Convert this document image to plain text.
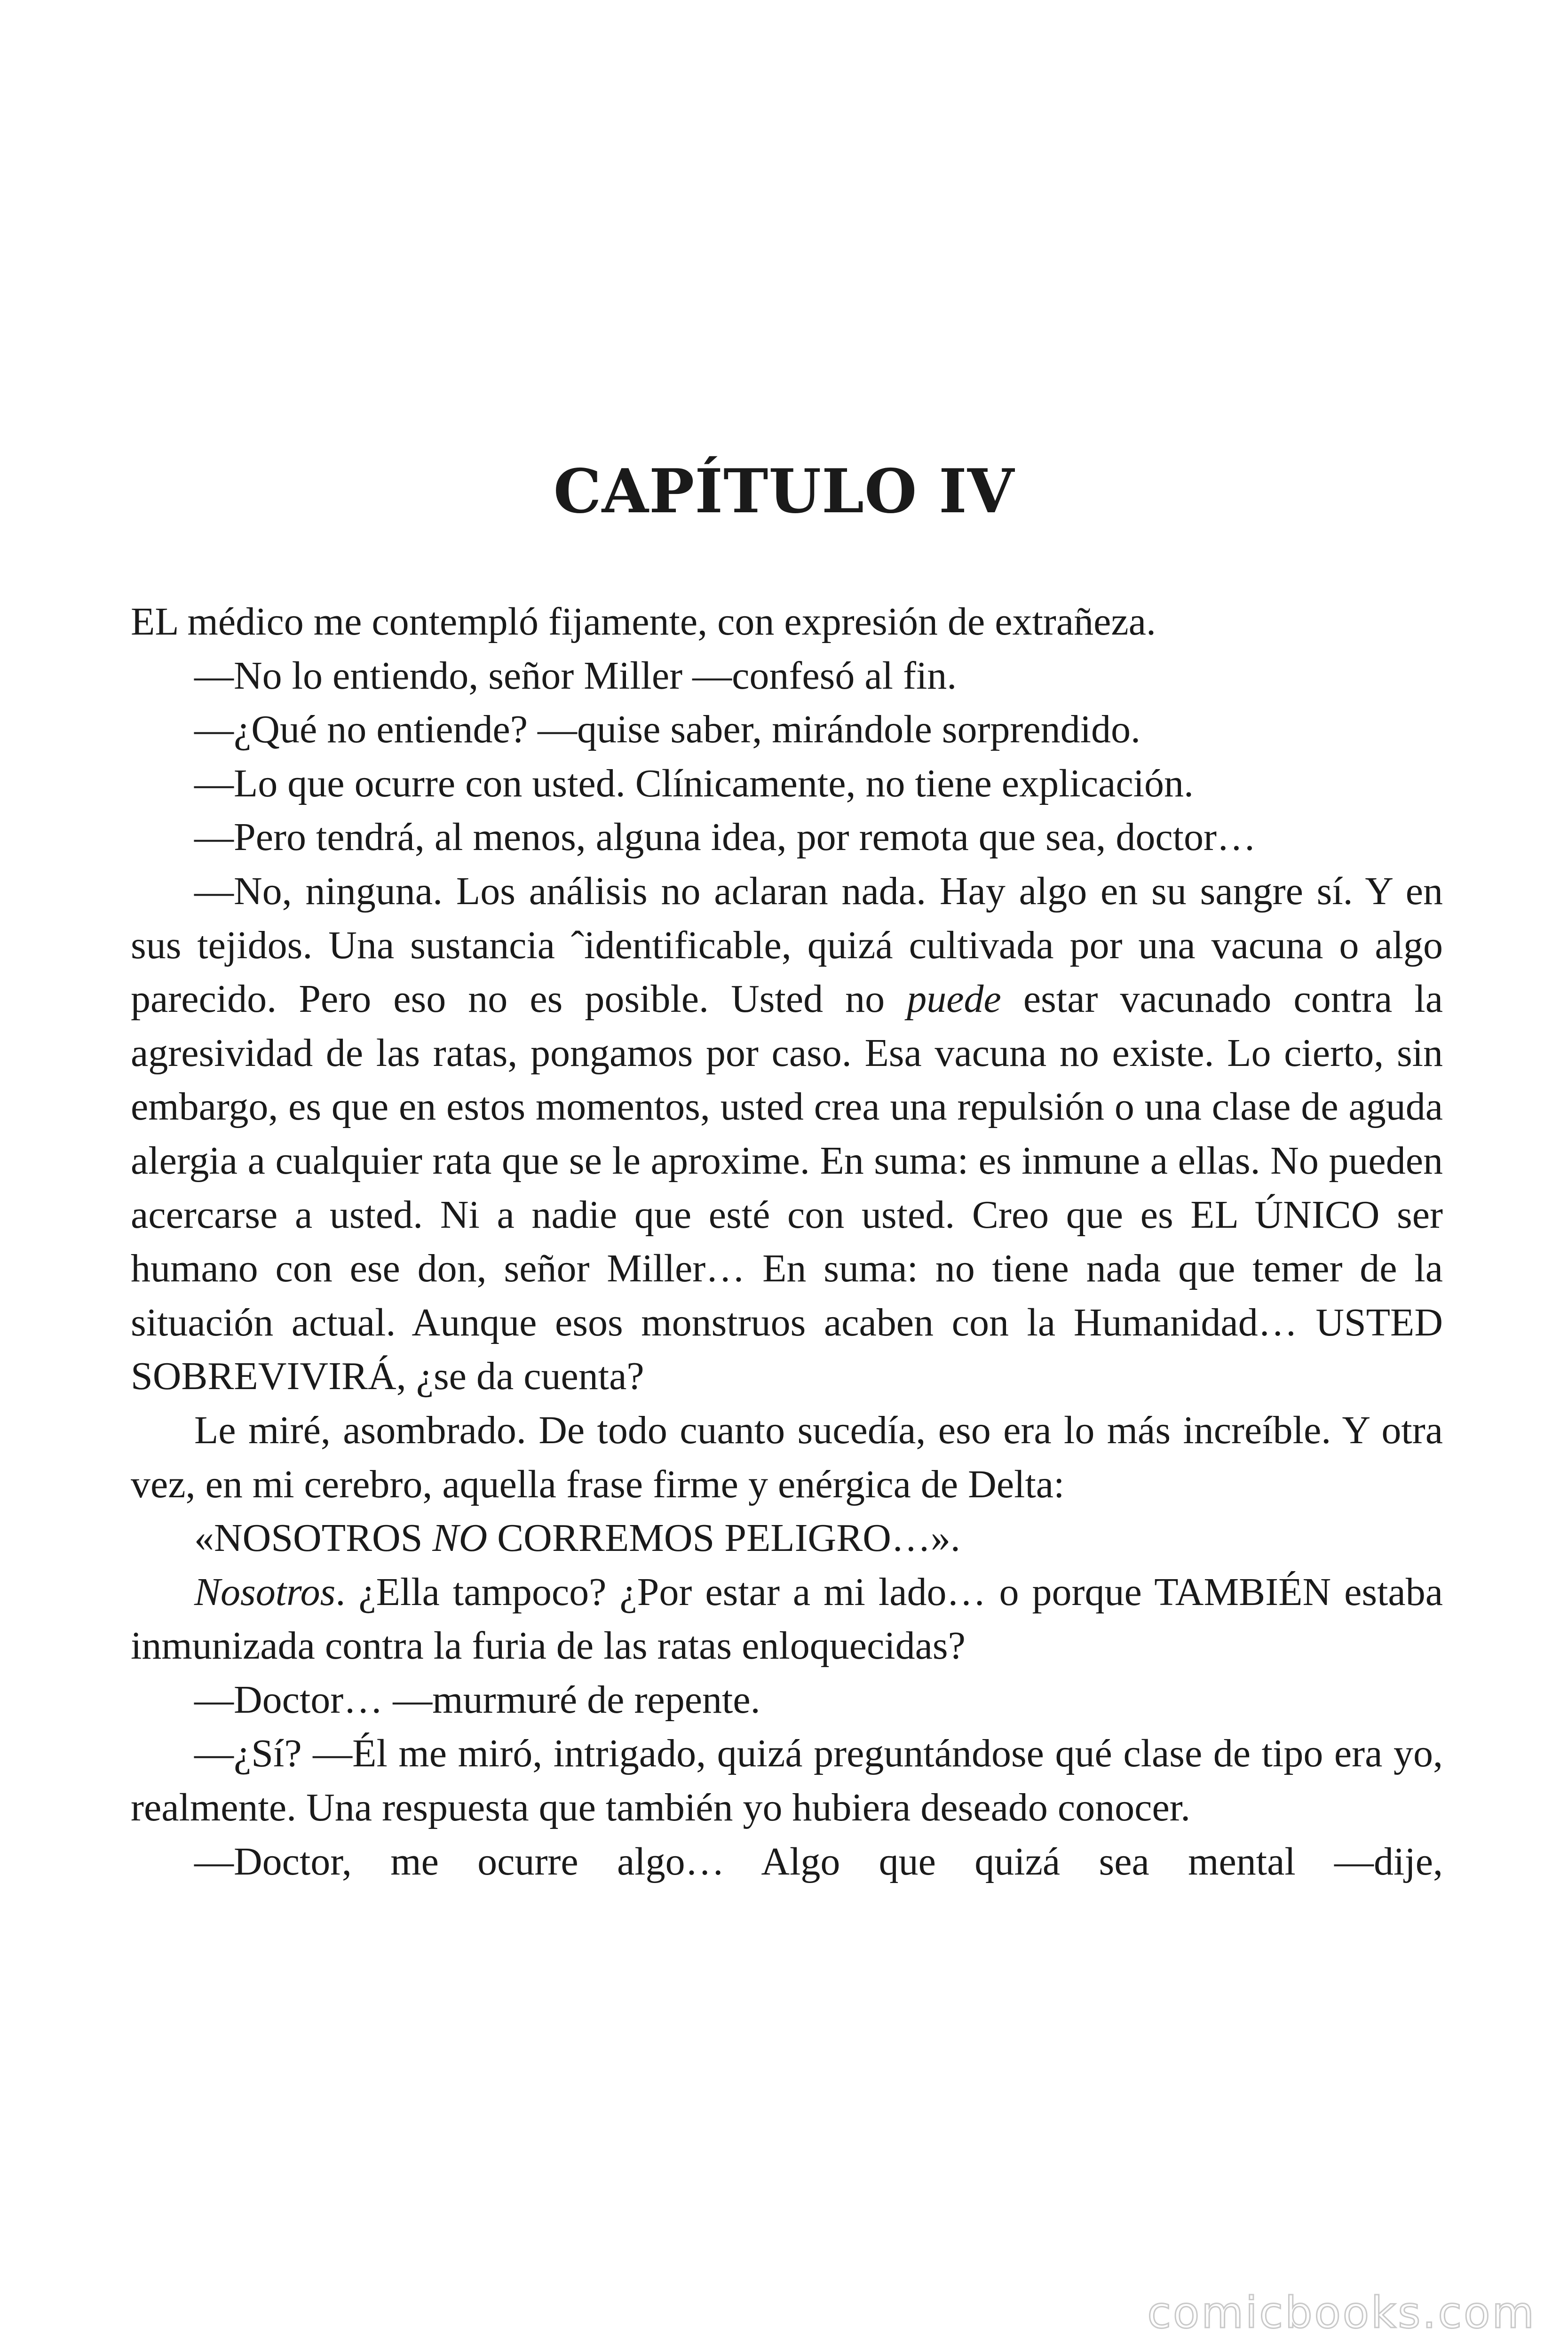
CAPÍTULO IV

EL médico me contempló fijamente, con expresión de extrañeza.

—No lo entiendo, señor Miller —confesó al fin.

—¿Qué no entiende? —quise saber, mirándole sorprendido.

—Lo que ocurre con usted. Clínicamente, no tiene explicación.

—Pero tendrá, al menos, alguna idea, por remota que sea, doctor…

—No, ninguna. Los análisis no aclaran nada. Hay algo en su sangre sí. Y en sus tejidos. Una sustancia ˆidentificable, quizá cultivada por una vacuna o algo parecido. Pero eso no es posible. Usted no puede estar vacunado contra la agresividad de las ratas, pongamos por caso. Esa vacuna no existe. Lo cierto, sin embargo, es que en estos momentos, usted crea una repulsión o una clase de aguda alergia a cualquier rata que se le aproxime. En suma: es inmune a ellas. No pueden acercarse a usted. Ni a nadie que esté con usted. Creo que es EL ÚNICO ser humano con ese don, señor Miller… En suma: no tiene nada que temer de la situación actual. Aunque esos monstruos acaben con la Humanidad… USTED SOBREVIVIRÁ, ¿se da cuenta?

Le miré, asombrado. De todo cuanto sucedía, eso era lo más increíble. Y otra vez, en mi cerebro, aquella frase firme y enérgica de Delta:

«NOSOTROS NO CORREMOS PELIGRO…».

Nosotros. ¿Ella tampoco? ¿Por estar a mi lado… o porque TAMBIÉN estaba inmunizada contra la furia de las ratas enloquecidas?

—Doctor… —murmuré de repente.

—¿Sí? —Él me miró, intrigado, quizá preguntándose qué clase de tipo era yo, realmente. Una respuesta que también yo hubiera deseado conocer.

—Doctor, me ocurre algo… Algo que quizá sea mental —dije,

comicbooks.com
